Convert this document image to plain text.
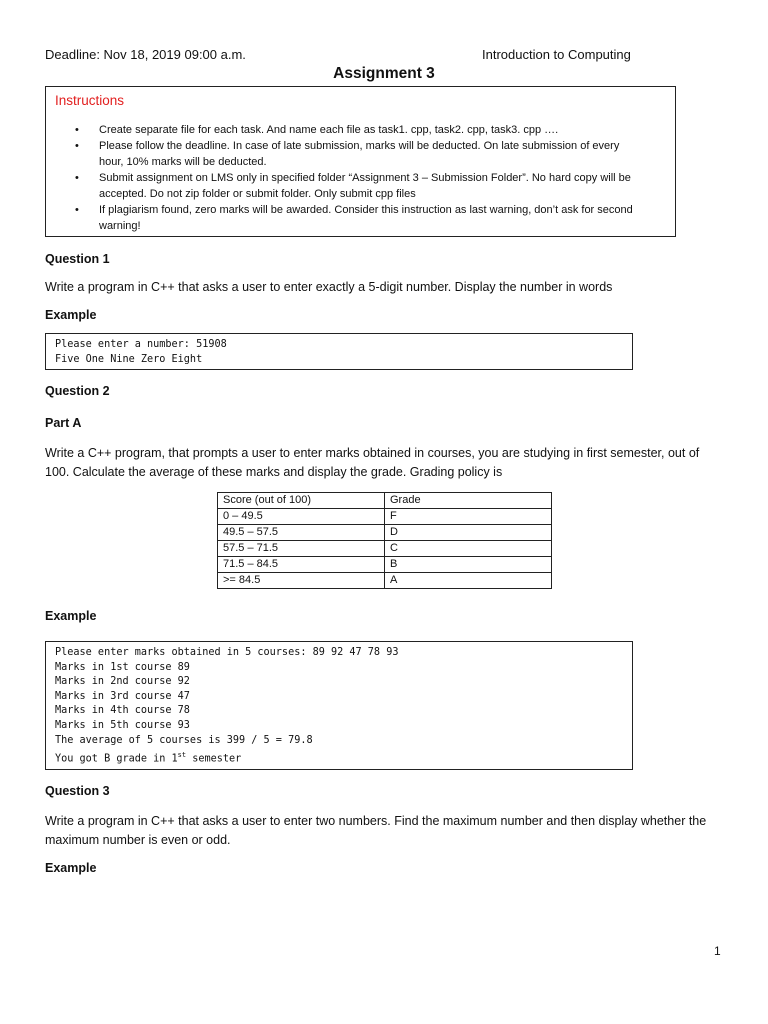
Deadline: Nov 18, 2019 09:00 a.m.	Introduction to Computing
Assignment 3
Instructions
• Create separate file for each task. And name each file as task1. cpp, task2. cpp, task3. cpp ….
• Please follow the deadline. In case of late submission, marks will be deducted. On late submission of every hour, 10% marks will be deducted.
• Submit assignment on LMS only in specified folder “Assignment 3 – Submission Folder”. No hard copy will be accepted. Do not zip folder or submit folder. Only submit cpp files
• If plagiarism found, zero marks will be awarded. Consider this instruction as last warning, don’t ask for second warning!
Question 1
Write a program in C++ that asks a user to enter exactly a 5-digit number. Display the number in words
Example
Please enter a number: 51908
Five One Nine Zero Eight
Question 2
Part A
Write a C++ program, that prompts a user to enter marks obtained in courses, you are studying in first semester, out of 100. Calculate the average of these marks and display the grade. Grading policy is
Score (out of 100)	Grade
0 – 49.5	F
49.5 – 57.5	D
57.5 – 71.5	C
71.5 – 84.5	B
>= 84.5	A
Example
Please enter marks obtained in 5 courses: 89 92 47 78 93
Marks in 1st course 89
Marks in 2nd course 92
Marks in 3rd course 47
Marks in 4th course 78
Marks in 5th course 93
The average of 5 courses is 399 / 5 = 79.8
You got B grade in 1st semester
Question 3
Write a program in C++ that asks a user to enter two numbers. Find the maximum number and then display whether the maximum number is even or odd.
Example
1
